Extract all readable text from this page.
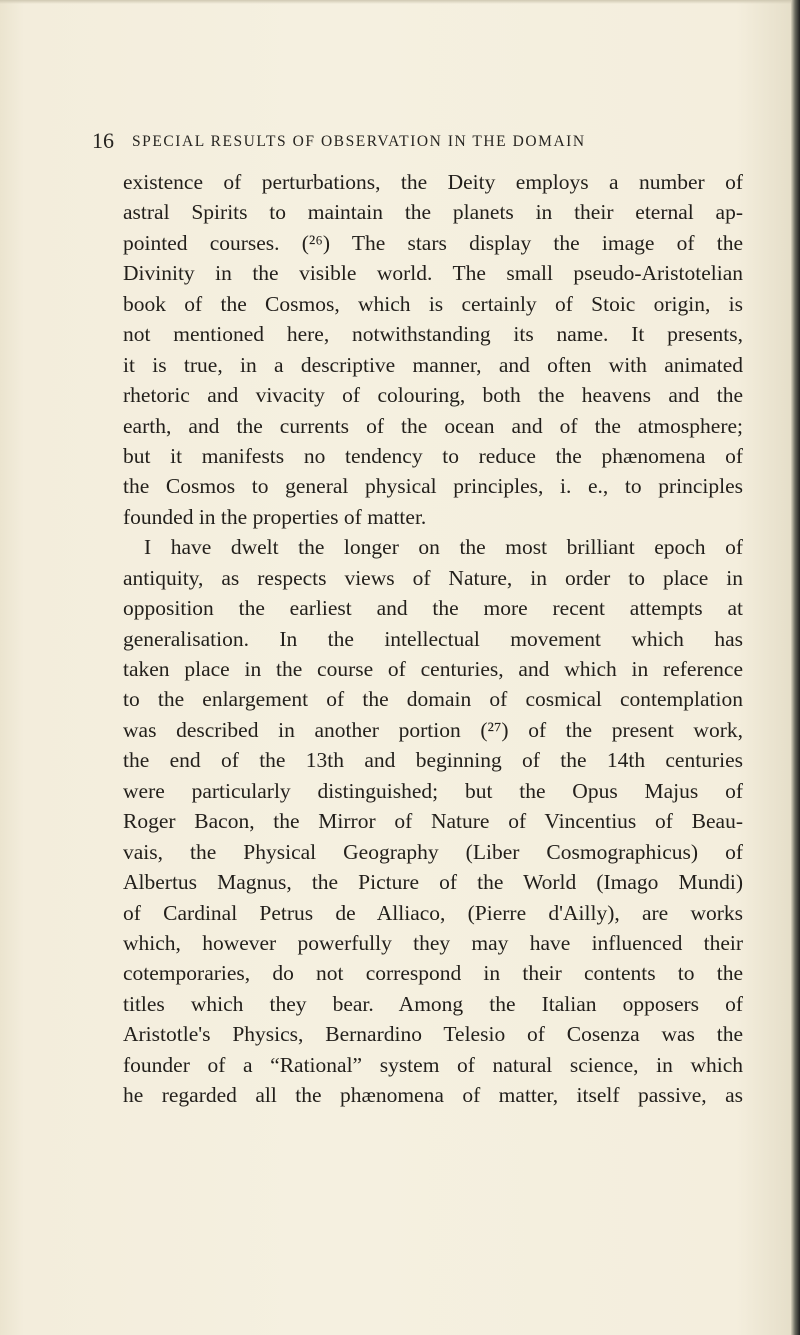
16 SPECIAL RESULTS OF OBSERVATION IN THE DOMAIN
existence of perturbations, the Deity employs a number of
astral Spirits to maintain the planets in their eternal ap-
pointed courses. (²⁶) The stars display the image of the
Divinity in the visible world. The small pseudo-Aristotelian
book of the Cosmos, which is certainly of Stoic origin, is
not mentioned here, notwithstanding its name. It presents,
it is true, in a descriptive manner, and often with animated
rhetoric and vivacity of colouring, both the heavens and the
earth, and the currents of the ocean and of the atmosphere;
but it manifests no tendency to reduce the phænomena of
the Cosmos to general physical principles, i. e., to principles
founded in the properties of matter.
I have dwelt the longer on the most brilliant epoch of
antiquity, as respects views of Nature, in order to place in
opposition the earliest and the more recent attempts at
generalisation. In the intellectual movement which has
taken place in the course of centuries, and which in reference
to the enlargement of the domain of cosmical contemplation
was described in another portion (²⁷) of the present work,
the end of the 13th and beginning of the 14th centuries
were particularly distinguished; but the Opus Majus of
Roger Bacon, the Mirror of Nature of Vincentius of Beau-
vais, the Physical Geography (Liber Cosmographicus) of
Albertus Magnus, the Picture of the World (Imago Mundi)
of Cardinal Petrus de Alliaco, (Pierre d'Ailly), are works
which, however powerfully they may have influenced their
cotemporaries, do not correspond in their contents to the
titles which they bear. Among the Italian opposers of
Aristotle's Physics, Bernardino Telesio of Cosenza was the
founder of a “Rational” system of natural science, in which
he regarded all the phænomena of matter, itself passive, as
